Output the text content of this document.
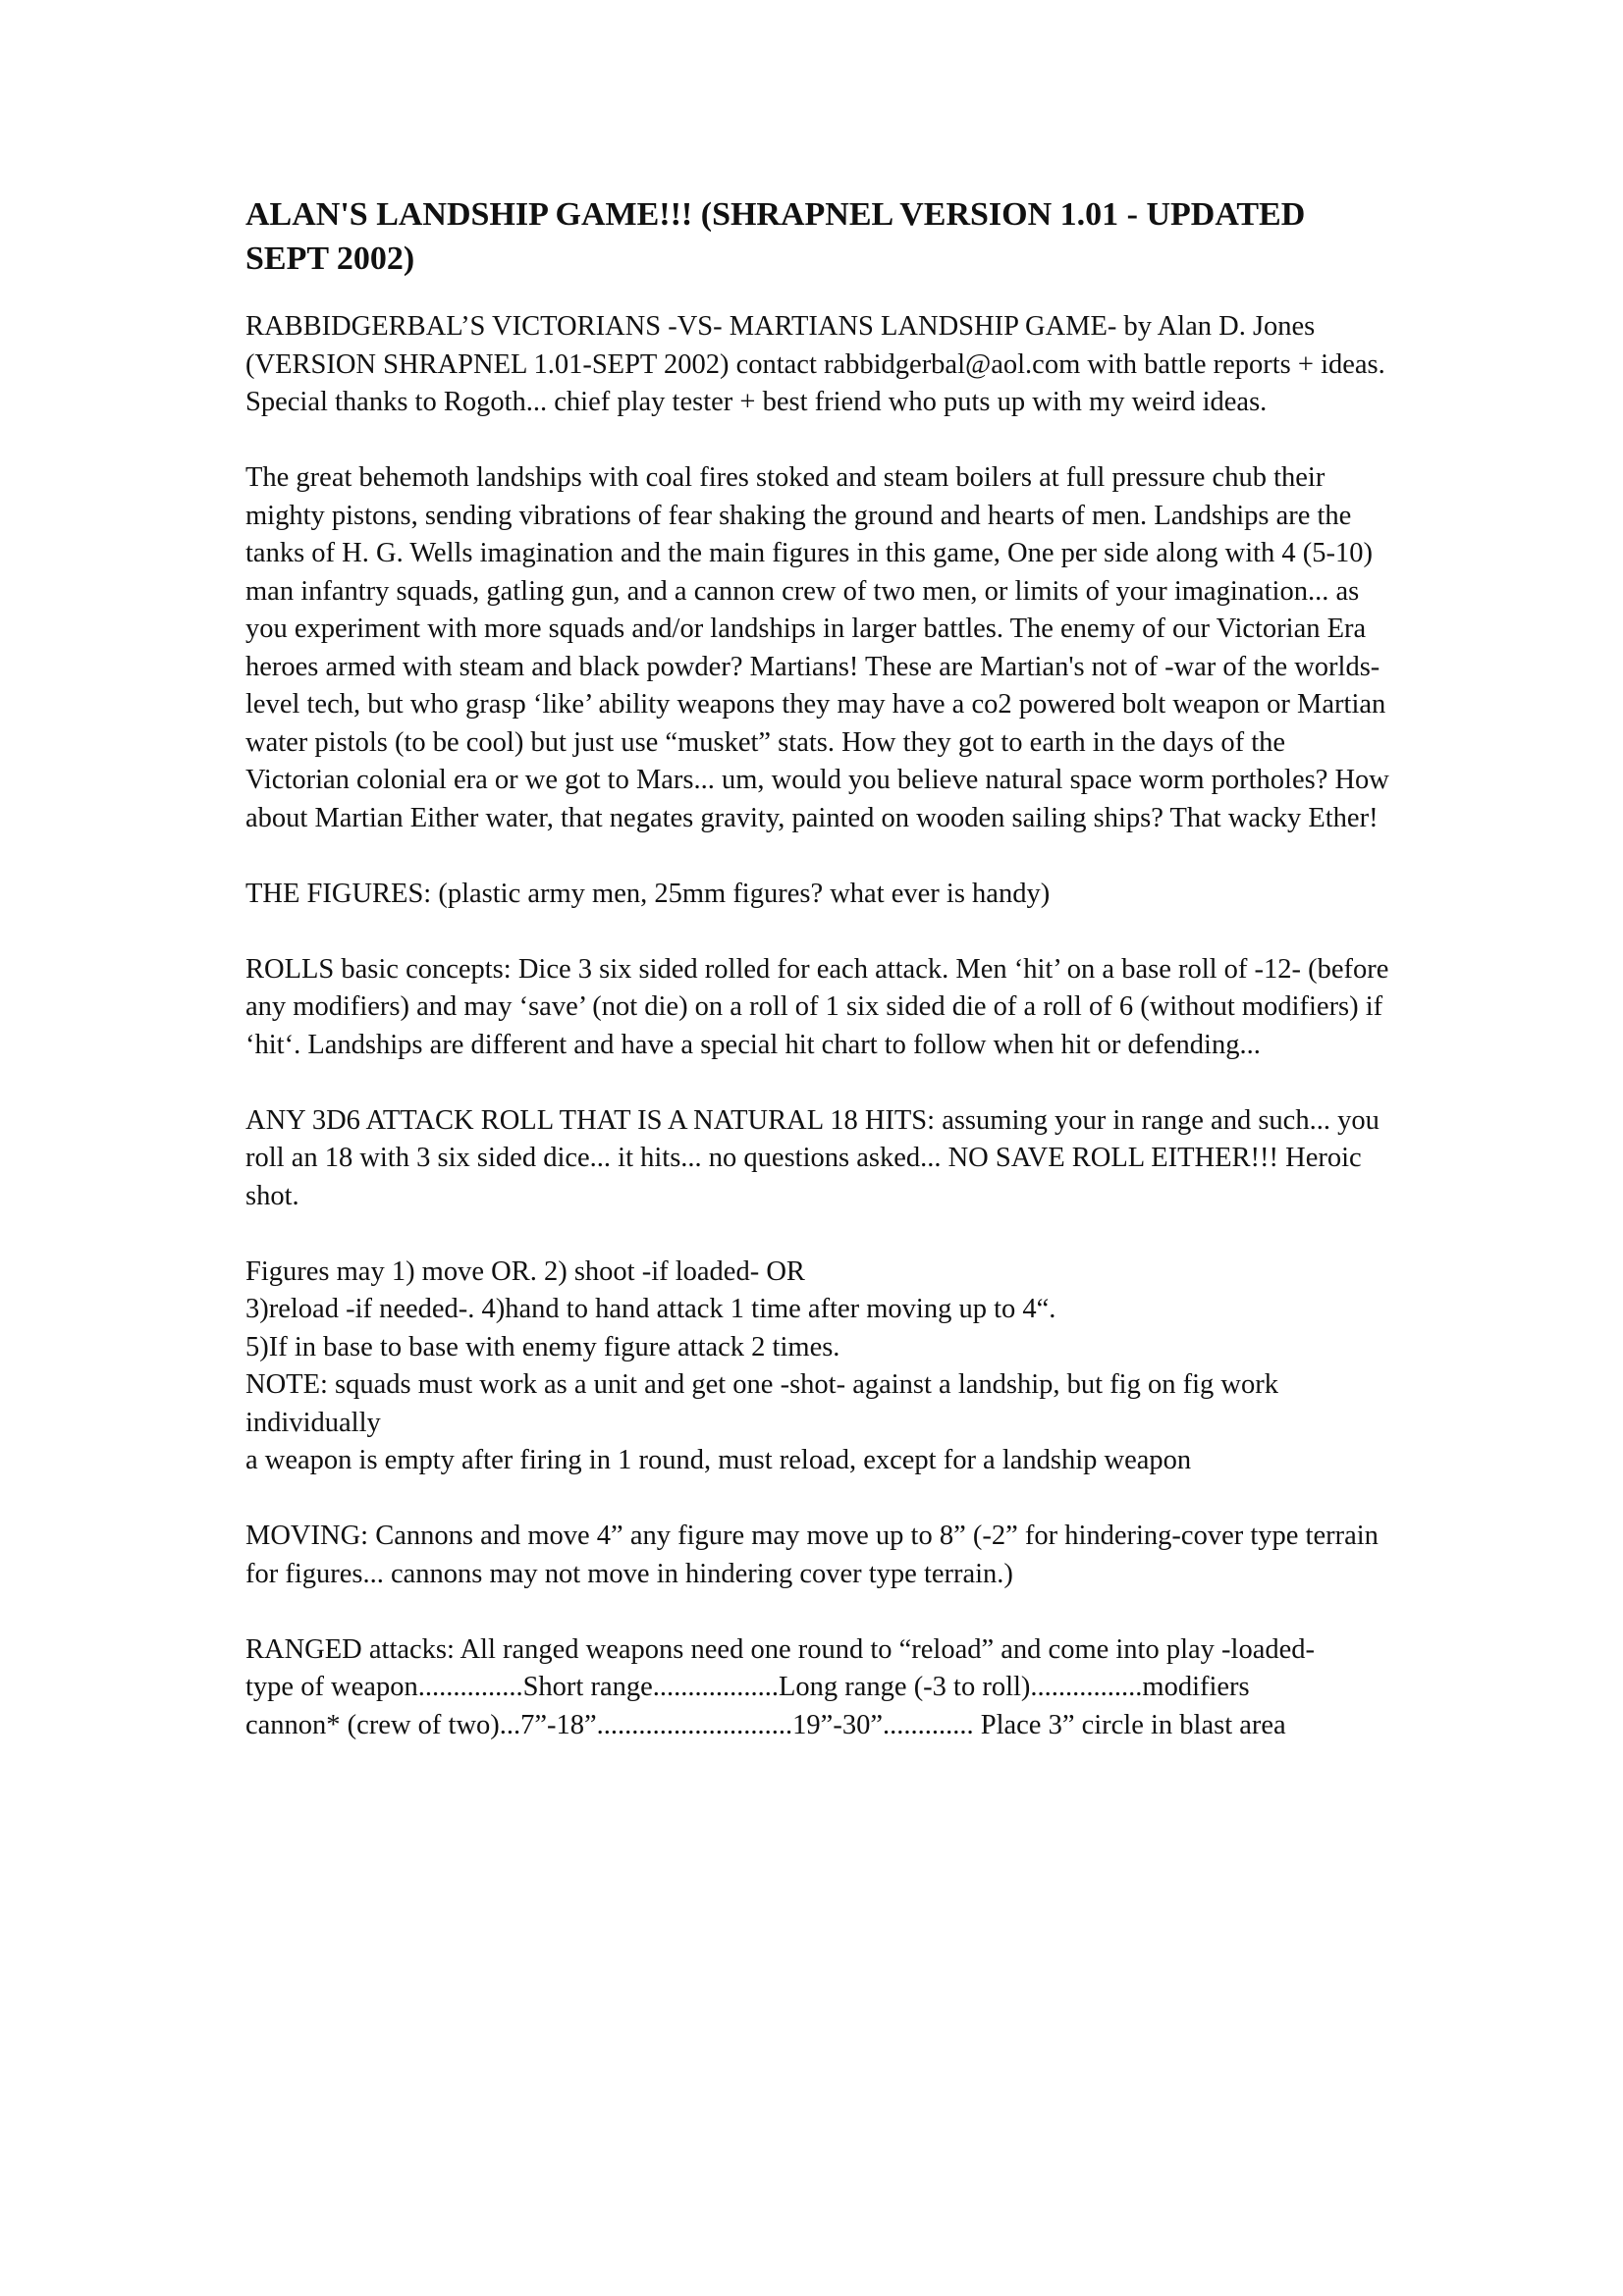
ALAN'S LANDSHIP GAME!!! (SHRAPNEL VERSION 1.01 - UPDATED SEPT 2002)
RABBIDGERBAL’S VICTORIANS -VS- MARTIANS LANDSHIP GAME- by Alan D. Jones
(VERSION SHRAPNEL 1.01-SEPT 2002) contact rabbidgerbal@aol.com with battle reports + ideas. Special thanks to Rogoth... chief play tester + best friend who puts up with my weird ideas.
The great behemoth landships with coal fires stoked and steam boilers at full pressure chub their mighty pistons, sending vibrations of fear shaking the ground and hearts of men. Landships are the tanks of H. G. Wells imagination and the main figures in this game, One per side along with 4 (5-10) man infantry squads, gatling gun, and a cannon crew of two men, or limits of your imagination... as you experiment with more squads and/or landships in larger battles. The enemy of our Victorian Era heroes armed with steam and black powder? Martians! These are Martian's not of -war of the worlds- level tech, but who grasp ‘like’ ability weapons they may have a co2 powered bolt weapon or Martian water pistols (to be cool) but just use “musket” stats. How they got to earth in the days of the Victorian colonial era or we got to Mars... um, would you believe natural space worm portholes? How about Martian Either water, that negates gravity, painted on wooden sailing ships? That wacky Ether!
THE FIGURES: (plastic army men, 25mm figures? what ever is handy)
ROLLS basic concepts: Dice 3 six sided rolled for each attack. Men ‘hit’ on a base roll of -12- (before any modifiers) and may ‘save’ (not die) on a roll of 1 six sided die of a roll of 6 (without modifiers) if ‘hit‘. Landships are different and have a special hit chart to follow when hit or defending...
ANY 3D6 ATTACK ROLL THAT IS A NATURAL 18 HITS: assuming your in range and such... you roll an 18 with 3 six sided dice... it hits... no questions asked... NO SAVE ROLL EITHER!!! Heroic shot.
Figures may 1) move OR. 2) shoot -if loaded- OR
3)reload -if needed-. 4)hand to hand attack 1 time after moving up to 4“.
5)If in base to base with enemy figure attack 2 times.
NOTE: squads must work as a unit and get one -shot- against a landship, but fig on fig work individually
a weapon is empty after firing in 1 round, must reload, except for a landship weapon
MOVING: Cannons and move 4” any figure may move up to 8” (-2” for hindering-cover type terrain for figures... cannons may not move in hindering cover type terrain.)
RANGED attacks: All ranged weapons need one round to “reload” and come into play -loaded-
type of weapon...............Short range..................Long range (-3 to roll)................modifiers
cannon* (crew of two)...7”-18”............................19”-30”............. Place 3” circle in blast area
